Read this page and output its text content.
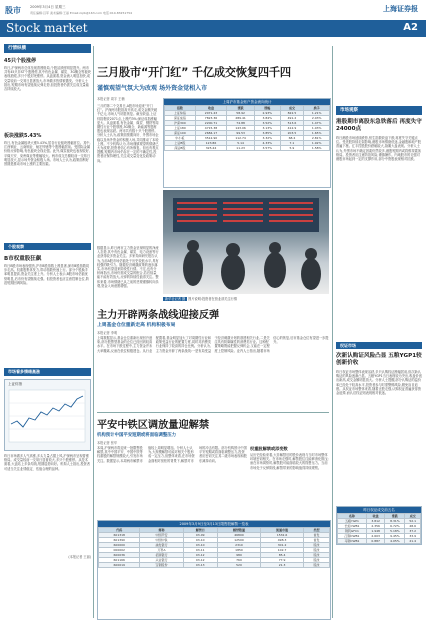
股市	2009年3月4日 星期三
责任编辑:吕军 美术编辑:王丽 Email:zqrb@163.com 电话:010-83251754	上海证券报
Stock market	A2
行情纵横
45只个股涨停
昨日,沪深两市总体呈现普涨格局,个股活跃度明显提升。两市共有45只非ST个股涨停,其中有色金属、煤炭、3G概念等板块表现抢眼,多只个股封死涨停。从盘面看,资金流入明显加快,成交量较前一交易日显著放大,市场做多热情被激发。分析人士指出,短期市场有望延续反弹走势,但投资者仍需关注成交量能否持续放大。
板块涨跌5.43%
昨日,有色金属板块大涨5.43%,居各行业板块涨幅首位。其中,江西铜业、云南铜业、驰宏锌锗等个股涨幅居前。受国际金属价格反弹影响,有色板块全线走强。此外,煤炭板块也表现较好,平煤天安、兖州煤业等涨幅较大。两市成交总额较前一交易日明显放大,显示场外资金积极入场。市场人士认为,政策面利好预期是推动市场上涨的主要因素。
个股观察
B市权重股狂飙
昨日B股市场表现强劲,沪市B股指数上涨显著,深市B股指数同步走高。权重股集体发力,带动指数快速上行。部分个股换手率明显提高,资金关注度上升。分析人士表示,B股市场估值优势明显,后市仍有望继续走强。但投资者也应注意控制仓位,防范短期回调风险。
市场看多情绪高涨
上证综指
昨日市场做多人气高涨,多头力量占据上风,沪深两市呈现普涨格局。成交量较前一交易日显著放大,多只个股涨停。从技术面看,大盘站上多条均线,短期趋势向好。机构人士指出,投资者可适当关注业绩稳定、估值合理的品种。
(本报记者 王丽)
三月股市“开门红” 千亿成交恢复四千四
谨慎观望气氛大为改观 场外资金觉相入市
本报记者 周宇 王楠
三月的第二个交易日,A股市场迎来“开门红”。沪深两市股指高开高走,成交金额突破千亿元,市场人气明显恢复。截至收盘,上证综指报收2071点,上涨约3%;深证成指涨幅更大。从盘面看,有色金属、煤炭、钢铁等周期性行业个股领涨,3G概念、新能源等题材股也表现活跃。两市共有数十只个股涨停。分析人士认为,政策面预期向好、外围市场企稳以及场外资金的积极入场,共同推动了本轮上涨。不少机构认为,市场谨慎观望的情绪已大为改观,投资者信心有所修复。但也有观点提醒,短期内市场仍存在一定的不确定性,投资者应保持理性,关注成交量变化及政策动向。
上周沪市基金账户资金流向统计
指数	收盘	涨跌	涨幅	成交	换手
上证综指	2071.43	58.92	2.93%	822.5	1.21%
深证成指	7823.36	289.41	3.84%	491.2	2.03%
沪深300	2200.71	74.88	3.52%	513.6	1.47%
上证180	4715.38	143.06	3.13%	412.9	1.03%
深证100	2684.17	99.53	3.85%	203.5	1.65%
中小板	3512.90	112.74	3.32%	68.4	2.81%
上证B股	123.86	5.14	4.33%	7.1	1.92%
深证B股	325.44	11.23	3.57%	5.9	1.58%
新华社记者 摄 图片说明:投资者在营业部关注行情
数据显示,昨日两市主力资金呈现明显的净流入态势,其中有色金属、煤炭、电力设备等行业获得较多资金关注。多家券商研究报告认为,当前A股市场估值处于历史较低水平,具有较强的吸引力。随着经济刺激政策的逐步落实,市场有望迎来阶段性行情。不过,也有分析师指出,市场仍需成交量的配合,若后续量能不能有效放大,反弹的持续性值得关注。整体来看,市场情绪已从之前的悲观谨慎转向乐观,资金入场意愿增强。
主力开辟两条战线迎接反弹
上周基金仓位重新走高 机构积极布局
本报记者 李明
上周数据显示,基金仓位重新出现回升迹象,部分股票型基金的仓位已经回到较高水平。在市场下跌过程中,主力资金并未大举撤离,反而在低位积极建仓。从行业配置看,基金明显加大了对周期性行业和政策受益行业的配置力度,同时对消费类行业保持了较高的持仓比例。分析认为,主力资金开辟了两条战线:一是布局受益于经济刺激计划的基建相关行业,二是关注具有防御属性的消费类行业。这种配置策略既能把握反弹机会,又能在一定程度上控制风险。业内人士指出,随着市场信心的恢复,后市基金仓位有望进一步提升。
平安中铁区调放量迎解禁
机构预计中国平安短期或将面临调整压力
本报记者 张华
本周,沪深两市将迎来一批限售股解禁,其中中国平安、中国中铁等权重股的解禁规模较大,引发市场关注。数据显示,本周两市解禁市值较上周明显增加。分析人士认为,大规模解禁可能对相关个股形成一定压力,但整体来看,在市场资金面相对宽松的背景下,解禁对市场的冲击有限。部分机构预计中国平安短期或将面临调整压力,投资者应密切关注其二级市场表现和股东减持动向。
权重股解禁或添变数
从历史经验来看,大非解禁后的股价表现与当时市场整体环境密切相关。在市场走强时,解禁股往往能够消化抛压;而在市场弱势时,解禁股可能面临较大的抛售压力。当前市场处于反弹阶段,解禁带来的影响值得持续观察。
2009年3月9日至3月13日限售股解禁一览表
代码	简称	解禁日	解禁数量	流通市值	类型
601318	中国平安	03-09	46800	1532.6	首发
601390	中国中铁	03-10	12500	498.3	首发
600000	浦发银行	03-10	2310	301.2	股改
000002	万科A	03-11	1850	102.7	股改
600036	招商银行	03-12	980	85.4	股改
601166	兴业银行	03-12	760	77.9	股改
600019	宝钢股份	03-13	520	21.3	股改
市场观察
港股期市离股东急铁落后 再度失守24000点
昨日港股市场延续跌势,恒生指数收盘下跌,再度失守关键点位。受美股持续走弱影响,港股市场情绪低迷,金融股和地产股普遍下挫。汇丰控股股价跌幅较大,拖累大盘表现。分析人士认为,外围市场不确定因素仍然较多,港股短期内或将维持震荡格局。投资者应注意防范风险,谨慎操作。内地股市的走强对港股市场起到一定的支撑作用,部分中资股表现相对抗跌。
权证市场
次新认购证风险凸显 五粮YGP1较创新价收
昨日权证市场整体表现活跃,多只认购权证涨幅居前,但次新认购证的风险逐渐凸显。五粮YGP1当日表现较为突出,收盘价创出新高,成交金额明显放大。分析人士提醒,部分认购证的溢价率已经处于较高水平,投资者参与时需警惕风险,避免盲目追涨。从权证市场整体来看,随着正股走强,认购权证普遍获得资金追捧,而认沽权证则表现相对低迷。
昨日权证成交前五名
名称	收盘	涨跌	成交
五粮YGP1	3.812	8.31%	52.1
长虹CWB1	2.356	6.72%	48.6
钢钒GFC1	1.948	5.18%	37.2
江铜CWB1	2.603	9.45%	33.9
马钢CWB1	0.887	4.05%	21.4
